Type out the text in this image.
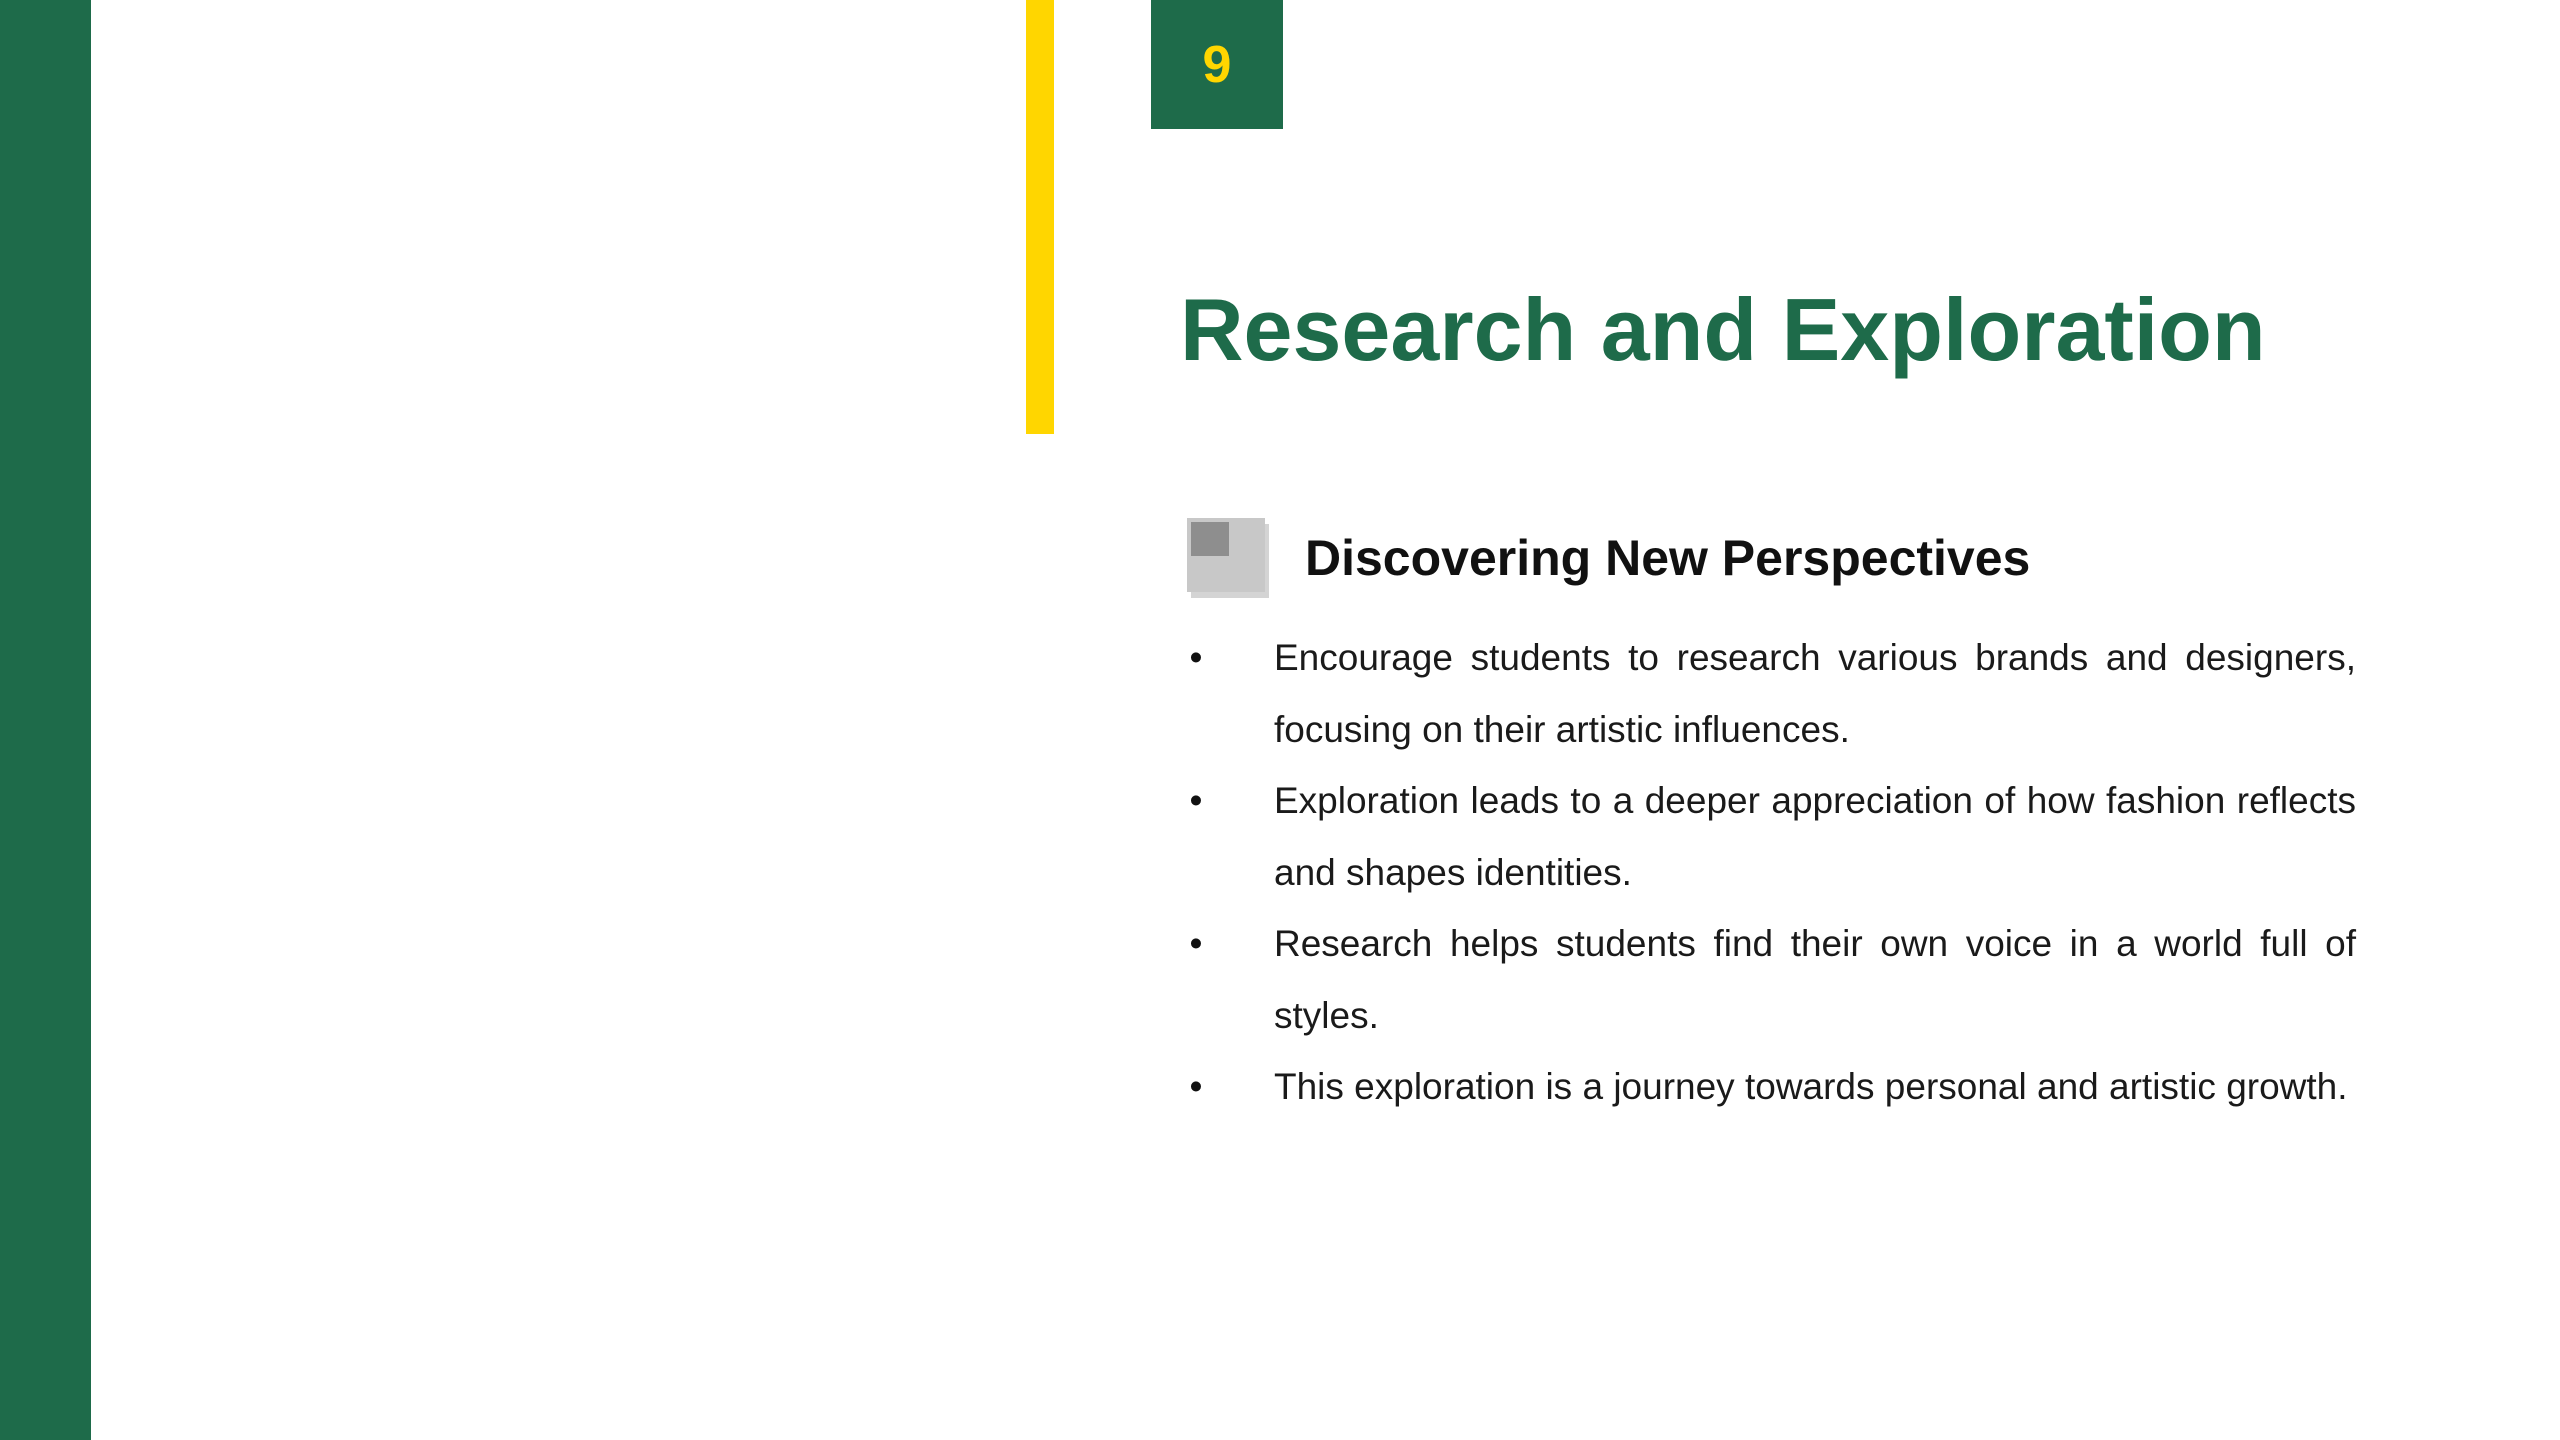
9
Research and Exploration
Discovering New Perspectives
• Encourage students to research various brands and designers, focusing on their artistic influences.
• Exploration leads to a deeper appreciation of how fashion reflects and shapes identities.
• Research helps students find their own voice in a world full of styles.
• This exploration is a journey towards personal and artistic growth.
